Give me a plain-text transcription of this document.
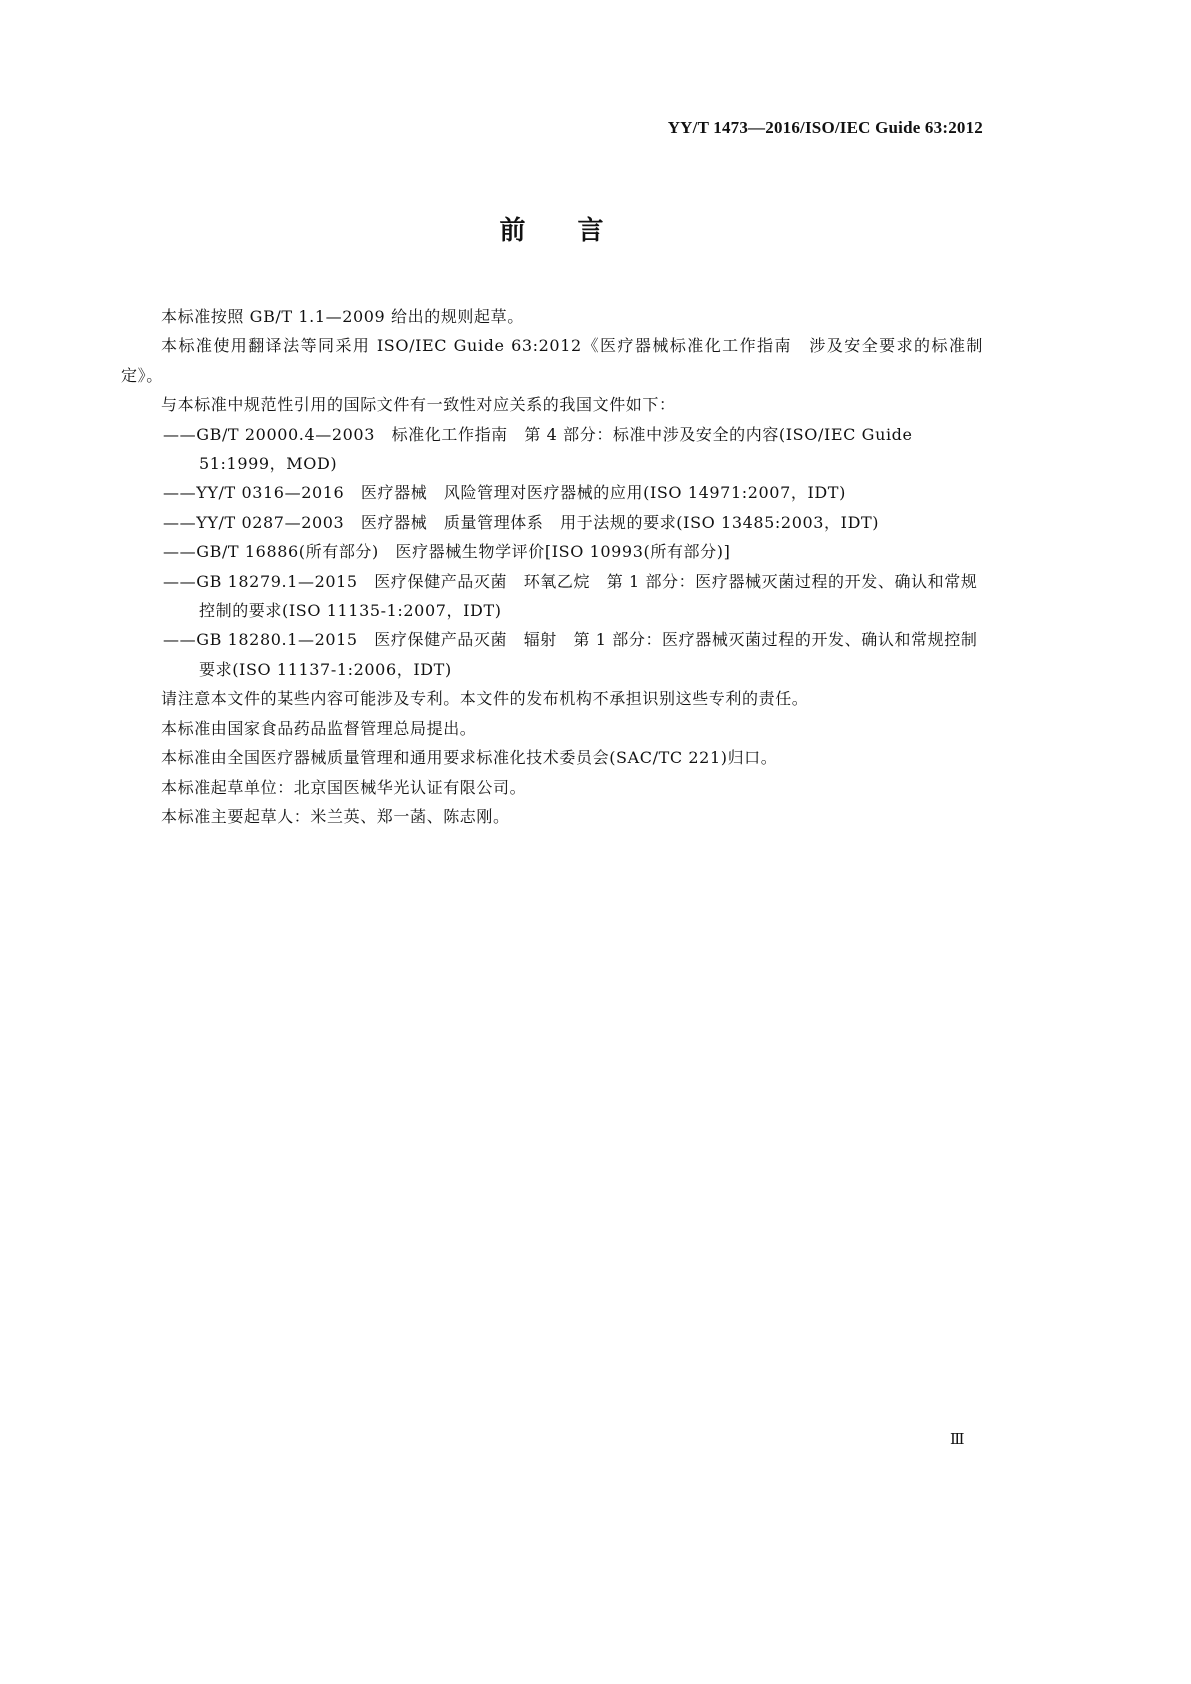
YY/T 1473—2016/ISO/IEC Guide 63:2012
前言

本标准按照 GB/T 1.1—2009 给出的规则起草。

本标准使用翻译法等同采用 ISO/IEC Guide 63:2012《医疗器械标准化工作指南　涉及安全要求的标准制定》。

与本标准中规范性引用的国际文件有一致性对应关系的我国文件如下：

——GB/T 20000.4—2003　标准化工作指南　第 4 部分：标准中涉及安全的内容(ISO/IEC Guide 51:1999，MOD)

——YY/T 0316—2016　医疗器械　风险管理对医疗器械的应用(ISO 14971:2007，IDT)

——YY/T 0287—2003　医疗器械　质量管理体系　用于法规的要求(ISO 13485:2003，IDT)

——GB/T 16886(所有部分)　医疗器械生物学评价[ISO 10993(所有部分)]

——GB 18279.1—2015　医疗保健产品灭菌　环氧乙烷　第 1 部分：医疗器械灭菌过程的开发、确认和常规控制的要求(ISO 11135-1:2007，IDT)

——GB 18280.1—2015　医疗保健产品灭菌　辐射　第 1 部分：医疗器械灭菌过程的开发、确认和常规控制要求(ISO 11137-1:2006，IDT)

请注意本文件的某些内容可能涉及专利。本文件的发布机构不承担识别这些专利的责任。

本标准由国家食品药品监督管理总局提出。

本标准由全国医疗器械质量管理和通用要求标准化技术委员会(SAC/TC 221)归口。

本标准起草单位：北京国医械华光认证有限公司。

本标准主要起草人：米兰英、郑一菡、陈志刚。

Ⅲ
